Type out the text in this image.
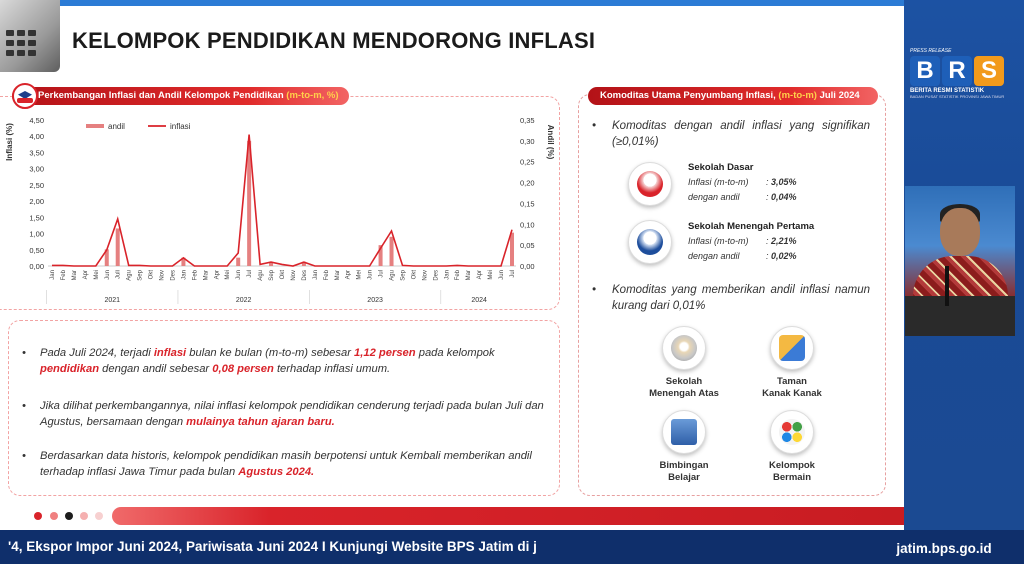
PRESS RELEASE
B R S
BERITA RESMI STATISTIK
BADAN PUSAT STATISTIK PROVINSI JAWA TIMUR
KELOMPOK PENDIDIKAN MENDORONG INFLASI
Perkembangan Inflasi dan Andil Kelompok Pendidikan (m-to-m, %)
Inflasi (%)	Andil (%)
0,00
0,50
1,00
1,50
2,00
2,50
3,00
3,50
4,00
4,50
0,00
0,05
0,10
0,15
0,20
0,25
0,30
0,35
Jan Feb Mar Apr Mei Jun Juli Agu Sep Okt Nov Des Jan Feb Mar Apr Mei Jun Jul Agu Sep Okt Nov Des Jan Feb Mar Apr Mei Jun Jul Agu Sep Okt Nov Des Jan Feb Mar Apr Mei Jun Jul
2021	2022	2023	2024
andil	inflasi
•	Pada Juli 2024, terjadi inflasi bulan ke bulan (m-to-m) sebesar 1,12 persen pada kelompok pendidikan dengan andil sebesar 0,08 persen terhadap inflasi umum.
•	Jika dilihat perkembangannya, nilai inflasi kelompok pendidikan cenderung terjadi pada bulan Juli dan Agustus, bersamaan dengan mulainya tahun ajaran baru.
•	Berdasarkan data historis, kelompok pendidikan masih berpotensi untuk Kembali memberikan andil terhadap inflasi Jawa Timur pada bulan Agustus 2024.
Komoditas Utama Penyumbang Inflasi, (m-to-m) Juli 2024
•	Komoditas dengan andil inflasi yang signifikan (≥0,01%)
Sekolah Dasar
Inflasi (m-to-m) : 3,05%
dengan andil	: 0,04%
Sekolah Menengah Pertama
Inflasi (m-to-m) : 2,21%
dengan andil	: 0,02%
•	Komoditas yang memberikan andil inflasi namun kurang dari 0,01%
Sekolah
Menengah Atas
Taman
Kanak Kanak
Bimbingan
Belajar
Kelompok
Bermain
'4, Ekspor Impor Juni 2024, Pariwisata Juni 2024 I Kunjungi Website BPS Jatim di j	jatim.bps.go.id
